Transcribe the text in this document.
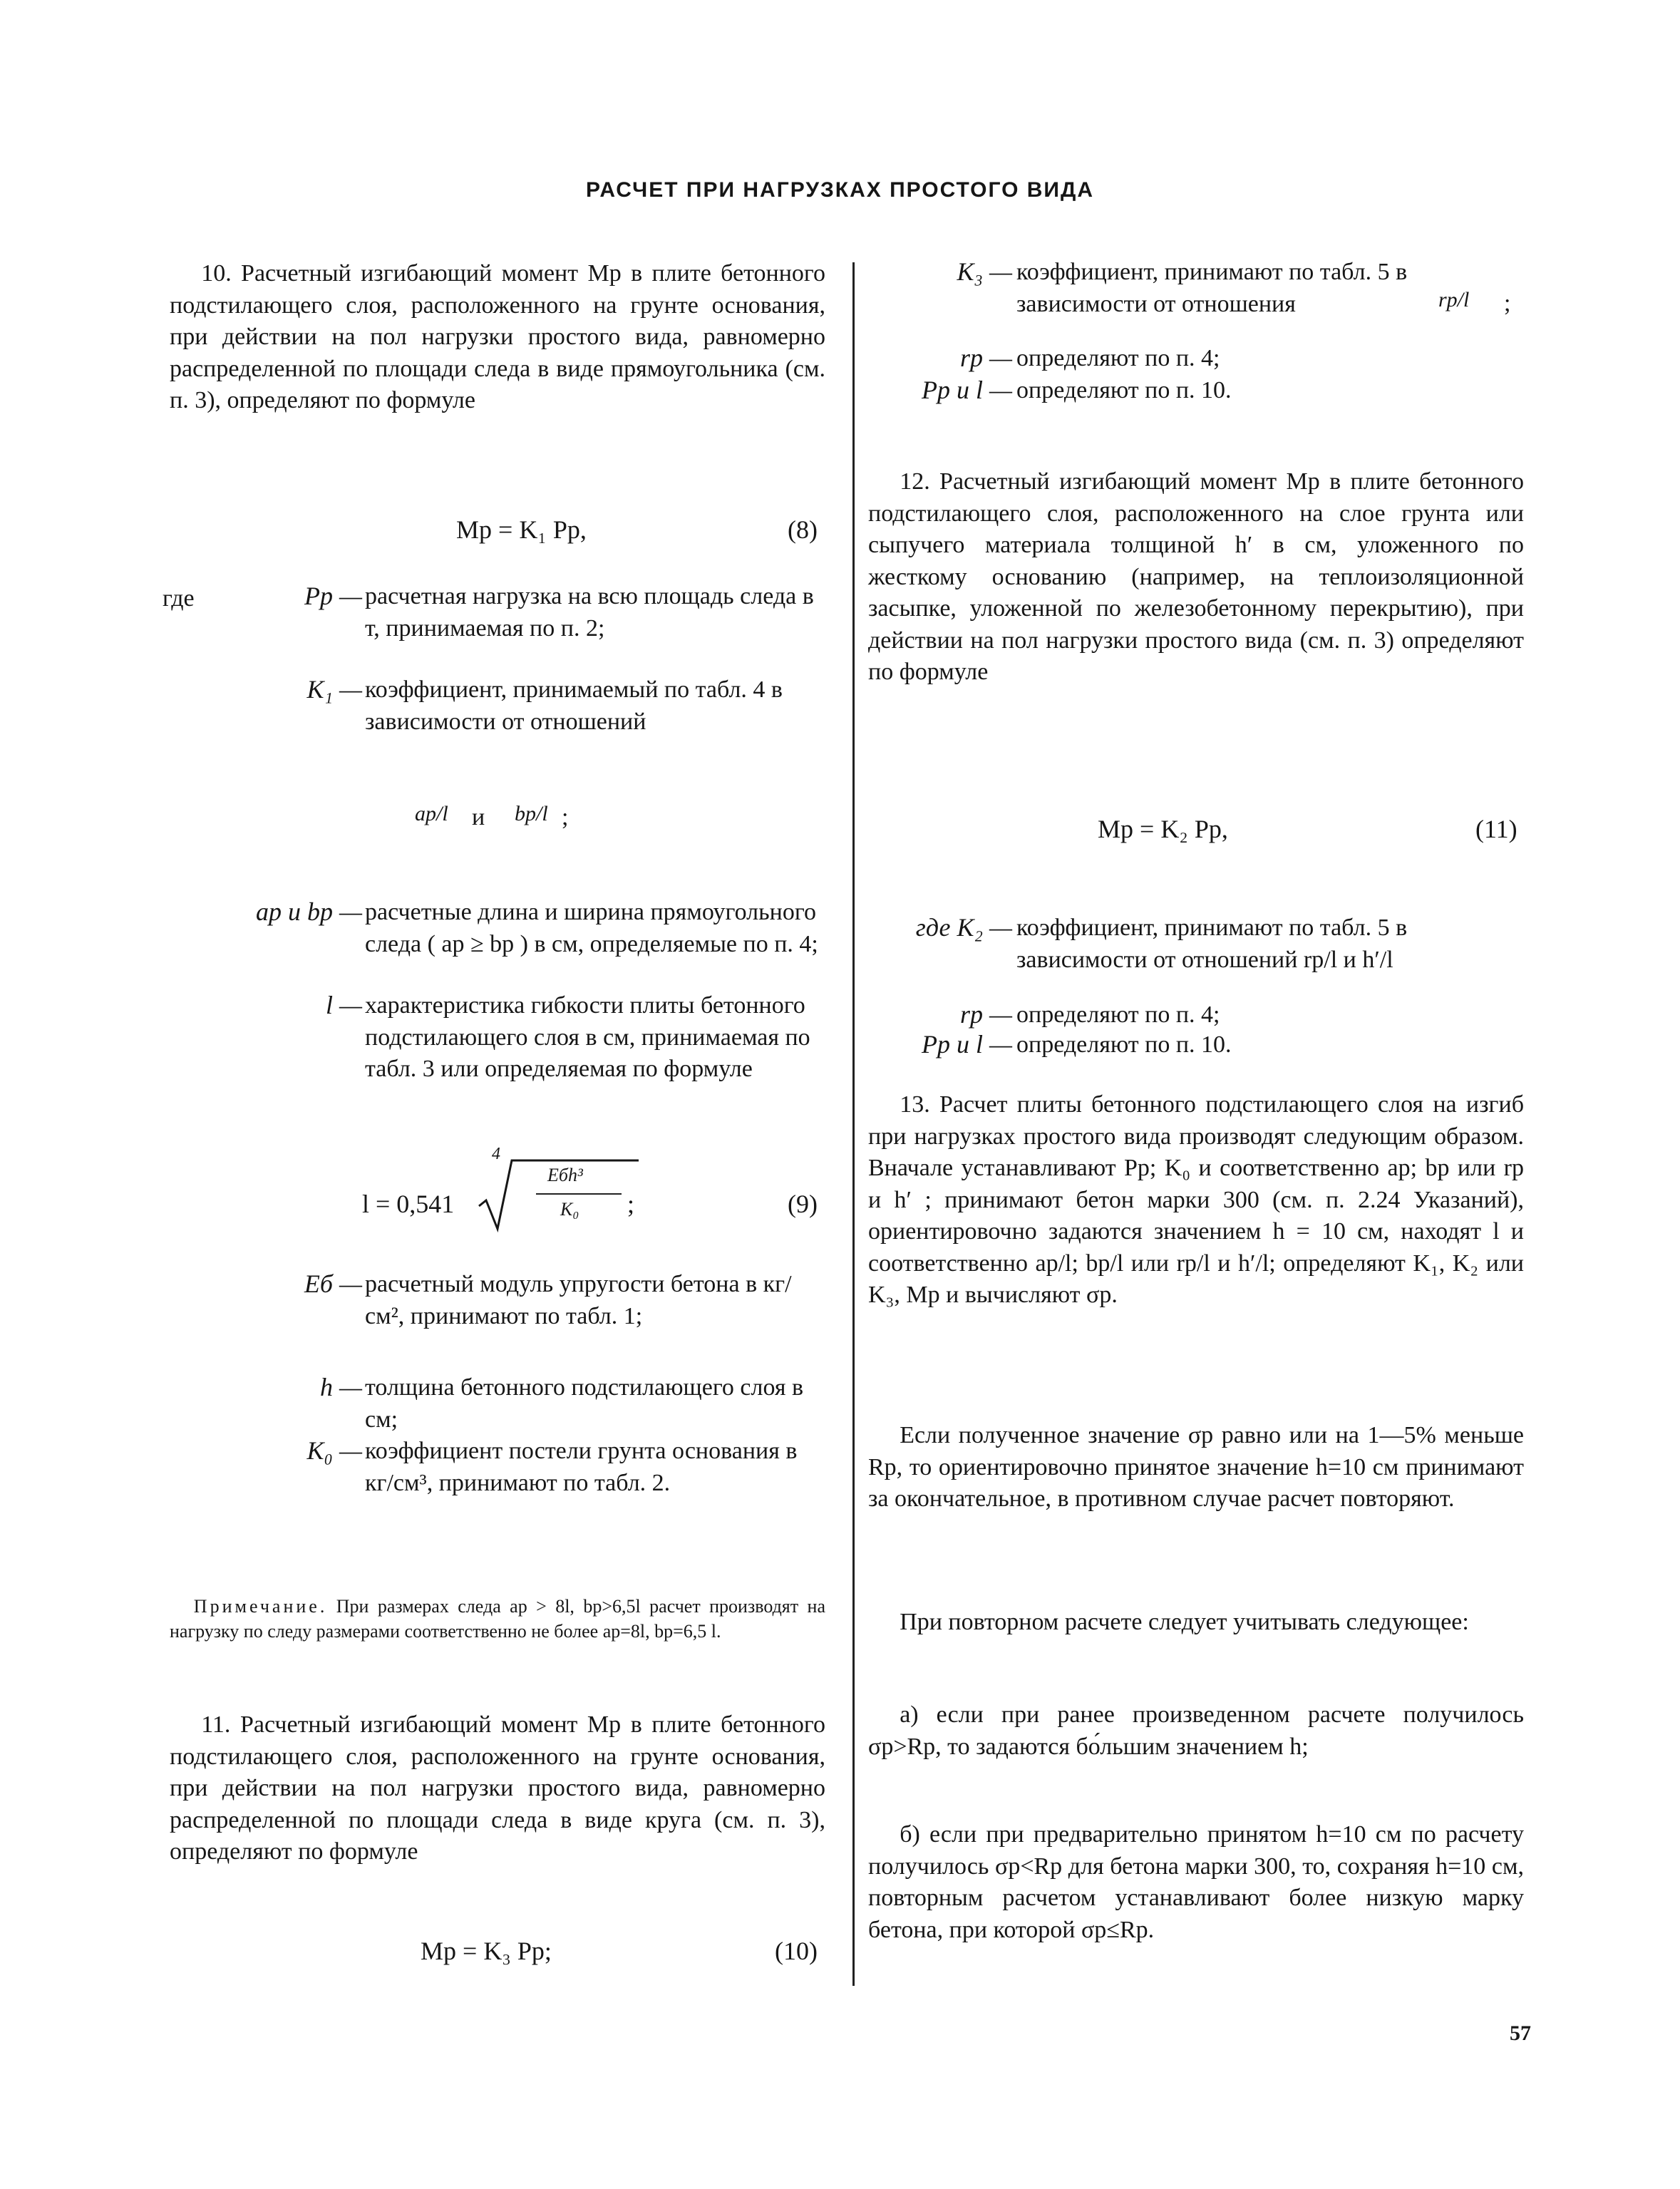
РАСЧЕТ ПРИ НАГРУЗКАХ ПРОСТОГО ВИДА

10. Расчетный изгибающий момент Mр в плите бетонного подстилающего слоя, расположенного на грунте основания, при действии на пол нагрузки простого вида, равномерно распределенной по площади следа в виде прямоугольника (см. п. 3), определяют по формуле

Mр = K₁ Pр,	(8)
где	Pр — расчетная нагрузка на всю площадь следа в т, принимаемая по п. 2;
K₁ — коэффициент, принимаемый по табл. 4 в зависимости от отношений
aр/l и bр/l ;
aр и bр — расчетные длина и ширина прямоугольного следа ( aр ≥ bр ) в см, определяемые по п. 4;
l — характеристика гибкости плиты бетонного подстилающего слоя в см, принимаемая по табл. 3 или определяемая по формуле
l = 0,541
4
Eбh³
K₀ ;	(9)
Eб — расчетный модуль упругости бетона в кг/см², принимают по табл. 1;
h — толщина бетонного подстилающего слоя в см;
K₀ — коэффициент постели грунта основания в кг/см³, принимают по табл. 2.

Примечание. При размерах следа aр > 8l, bр>6,5l расчет производят на нагрузку по следу размерами соответственно не более aр=8l, bр=6,5 l.

11. Расчетный изгибающий момент Mр в плите бетонного подстилающего слоя, расположенного на грунте основания, при действии на пол нагрузки простого вида, равномерно распределенной по площади следа в виде круга (см. п. 3), определяют по формуле

Mр = K₃ Pр;	(10)
K₃ — коэффициент, принимают по табл. 5 в зависимости от отношения	rр/l ;
rр — определяют по п. 4;
Pр и l — определяют по п. 10.

12. Расчетный изгибающий момент Mр в плите бетонного подстилающего слоя, расположенного на слое грунта или сыпучего материала толщиной h′ в см, уложенного по жесткому основанию (например, на теплоизоляционной засыпке, уложенной по железобетонному перекрытию), при действии на пол нагрузки простого вида (см. п. 3) определяют по формуле

Mр = K₂ Pр,	(11)
где K₂ — коэффициент, принимают по табл. 5 в зависимости от отношений rр/l и h′/l
rр — определяют по п. 4;
Pр и l — определяют по п. 10.

13. Расчет плиты бетонного подстилающего слоя на изгиб при нагрузках простого вида производят следующим образом. Вначале устанавливают Pр; K₀ и соответственно aр; bр или rр и h′ ; принимают бетон марки 300 (см. п. 2.24 Указаний), ориентировочно задаются значением h = 10 см, находят l и соответственно aр/l; bр/l или rр/l и h′/l; определяют K₁, K₂ или K₃, Mр и вычисляют σр.

Если полученное значение σр равно или на 1—5% меньше Rр, то ориентировочно принятое значение h=10 см принимают за окончательное, в противном случае расчет повторяют.

При повторном расчете следует учитывать следующее:

а) если при ранее произведенном расчете получилось σр>Rр, то задаются бо́льшим значением h;

б) если при предварительно принятом h=10 см по расчету получилось σр<Rр для бетона марки 300, то, сохраняя h=10 см, повторным расчетом устанавливают более низкую марку бетона, при которой σр≤Rр.

57
